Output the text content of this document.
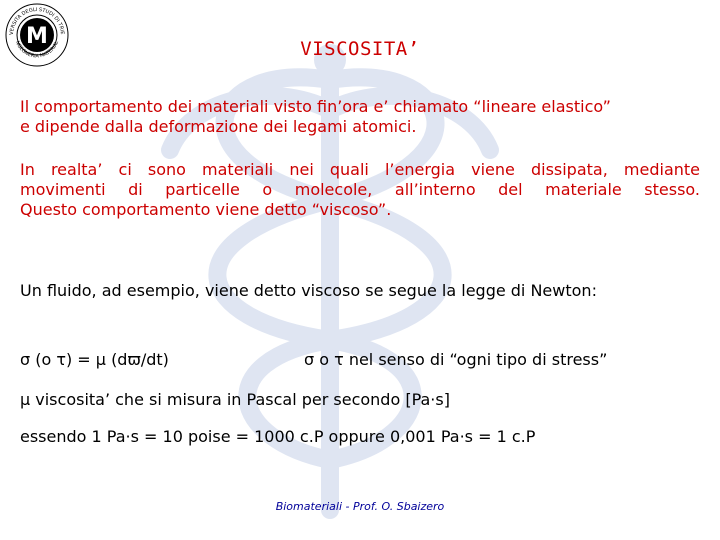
M
VERSITA DEGLI STUDI DI TRIE
NGEGNERIA MATERIAL	VISCOSITA’
Il comportamento dei materiali visto fin’ora e’ chiamato “lineare elastico”
e dipende dalla deformazione dei legami atomici.
In realta’ ci sono materiali nei quali l’energia viene dissipata, mediante
movimenti di particelle o molecole, all’interno del materiale stesso.
Questo comportamento viene detto “viscoso”.
Un fluido, ad esempio, viene detto viscoso se segue la legge di Newton:
σ (o τ) = μ (dϖ/dt)	σ o τ nel senso di “ogni tipo di stress”
μ viscosita’ che si misura in Pascal per secondo [Pa·s]
essendo 1 Pa·s = 10 poise = 1000 c.P oppure 0,001 Pa·s = 1 c.P
Biomateriali - Prof. O. Sbaizero
